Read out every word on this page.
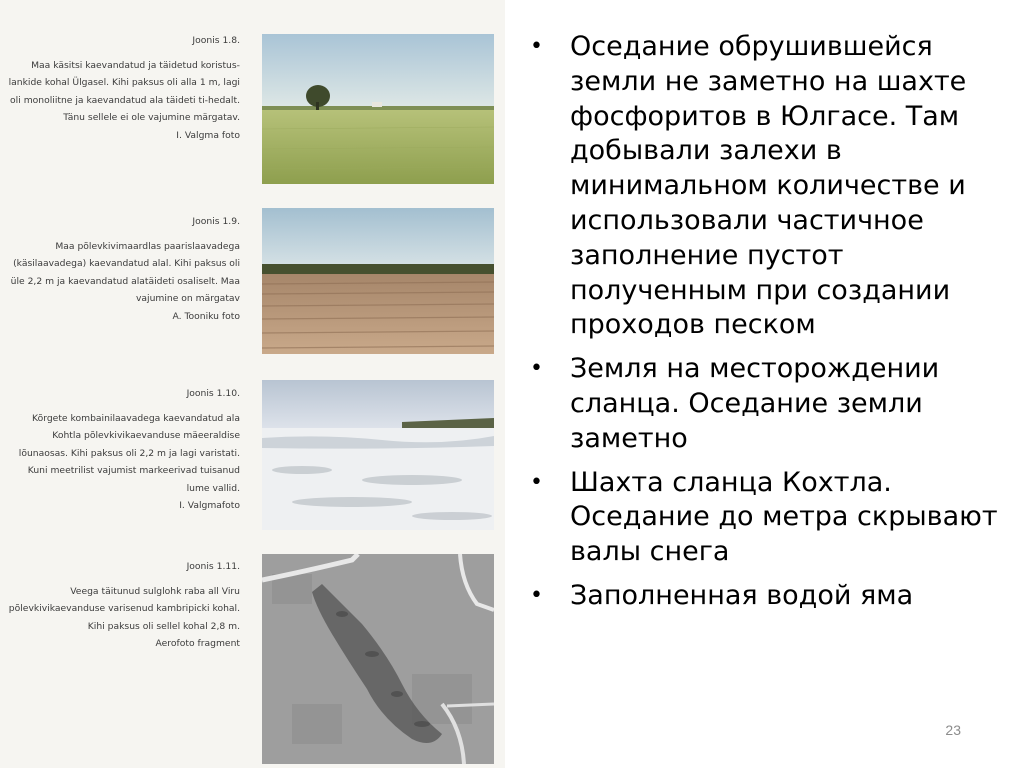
Joonis 1.8.
Maa käsitsi kaevandatud ja täidetud koristus-lankide kohal Ülgasel. Kihi paksus oli alla 1 m, lagi oli monoliitne ja kaevandatud ala täideti ti-hedalt. Tänu sellele ei ole vajumine märgatav.
I. Valgma foto
Joonis 1.9.
Maa põlevkivimaardlas paarislaavadega (käsilaavadega) kaevandatud alal. Kihi paksus oli üle 2,2 m ja kaevandatud alatäideti osaliselt. Maa vajumine on märgatav
A. Tooniku foto
Joonis 1.10.
Kõrgete kombainilaavadega kaevandatud ala Kohtla põlevkivikaevanduse mäeeraldise lõunaosas. Kihi paksus oli 2,2 m ja lagi varistati. Kuni meetrilist vajumist markeerivad tuisanud lume vallid.
I. Valgmafoto
Joonis 1.11.
Veega täitunud sulglohk raba all Viru põlevkivikaevanduse varisenud kambripicki kohal. Kihi paksus oli sellel kohal 2,8 m.
Aerofoto fragment
• Оседание обрушившейся земли не заметно на шахте фосфоритов в Юлгасе. Там добывали залехи в минимальном количестве и использовали частичное заполнение пустот полученным при создании проходов песком
• Земля на месторождении сланца. Оседание земли заметно
• Шахта сланца Кохтла. Оседание до метра скрывают валы снега
• Заполненная водой яма
23
